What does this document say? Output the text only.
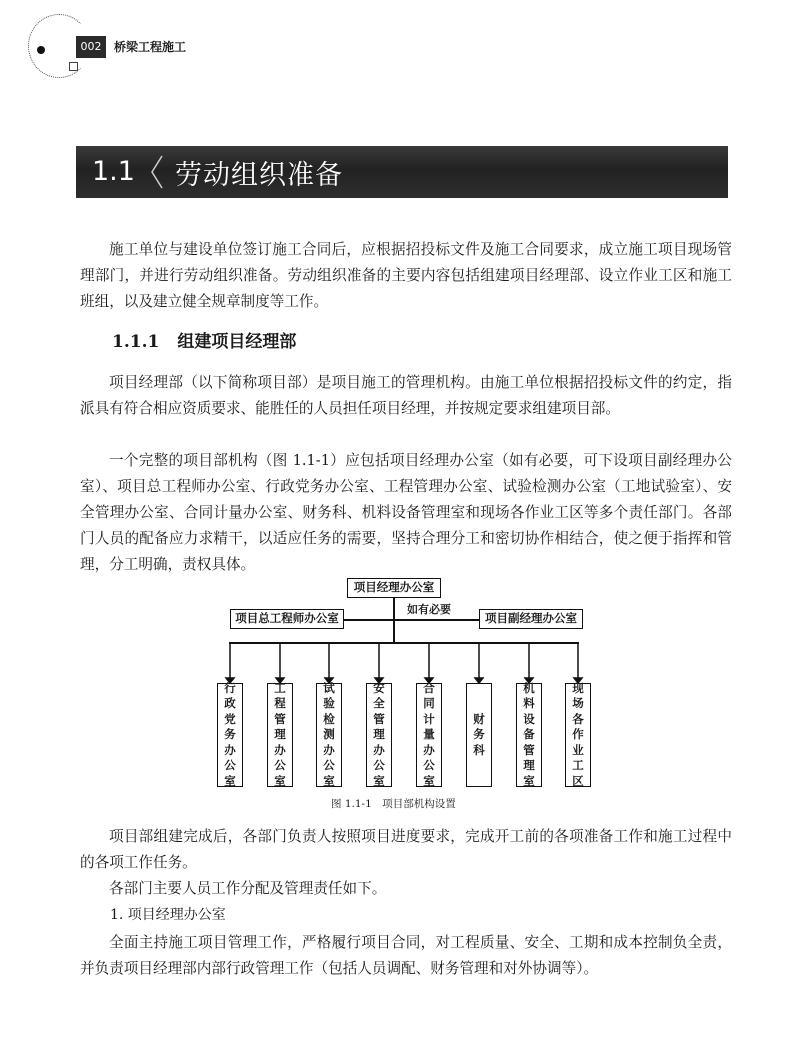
002	桥梁工程施工
1.1 劳动组织准备

施工单位与建设单位签订施工合同后，应根据招投标文件及施工合同要求，成立施工项目现场管理部门，并进行劳动组织准备。劳动组织准备的主要内容包括组建项目经理部、设立作业工区和施工班组，以及建立健全规章制度等工作。

1.1.1 组建项目经理部

项目经理部（以下简称项目部）是项目施工的管理机构。由施工单位根据招投标文件的约定，指派具有符合相应资质要求、能胜任的人员担任项目经理，并按规定要求组建项目部。

一个完整的项目部机构（图 1.1-1）应包括项目经理办公室（如有必要，可下设项目副经理办公室）、项目总工程师办公室、行政党务办公室、工程管理办公室、试验检测办公室（工地试验室）、安全管理办公室、合同计量办公室、财务科、机料设备管理室和现场各作业工区等多个责任部门。各部门人员的配备应力求精干，以适应任务的需要，坚持合理分工和密切协作相结合，使之便于指挥和管理，分工明确，责权具体。

项目经理办公室
项目总工程师办公室	项目副经理办公室
如有必要
行
政
党
务
办
公
室
工
程
管
理
办
公
室
试
验
检
测
办
公
室
安
全
管
理
办
公
室
合
同
计
量
办
公
室
财
务
科
机
料
设
备
管
理
室
现
场
各
作
业
工
区
图 1.1-1　项目部机构设置

项目部组建完成后，各部门负责人按照项目进度要求，完成开工前的各项准备工作和施工过程中的各项工作任务。

各部门主要人员工作分配及管理责任如下。

1. 项目经理办公室

全面主持施工项目管理工作，严格履行项目合同，对工程质量、安全、工期和成本控制负全责，并负责项目经理部内部行政管理工作（包括人员调配、财务管理和对外协调等）。
